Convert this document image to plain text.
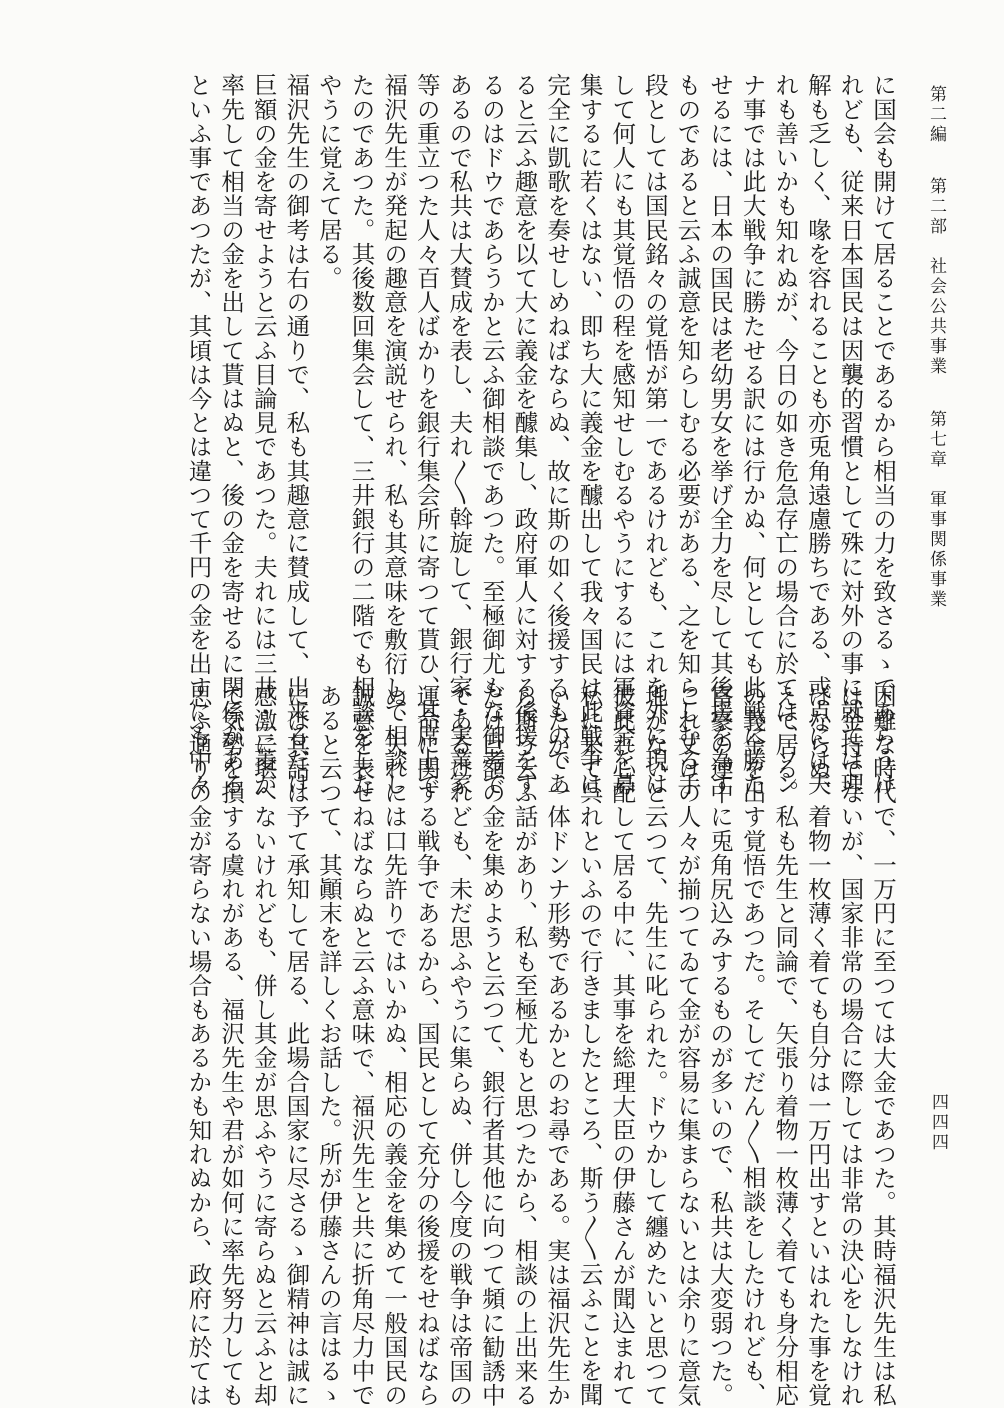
第二編 第二部　社会公共事業 第七章　軍事関係事業
四四四
に国会も開けて居ることであるから相当の力を致さるゝであらうけ
れども、従来日本国民は因襲的習慣として殊に対外の事に就ては理
解も乏しく、喙を容れることも亦兎角遠慮勝ちである、或点には夫
れも善いかも知れぬが、今日の如き危急存亡の場合に於ては、ソン
ナ事では此大戦争に勝たせる訳には行かぬ、何としても此戦に勝た
せるには、日本の国民は老幼男女を挙げ全力を尽して其後援を為す
ものであると云ふ誠意を知らしむる必要がある、之を知らしむる手
段としては国民銘々の覚悟が第一であるけれども、これを外に現は
して何人にも其覚悟の程を感知せしむるやうにするには軍資金を募
集するに若くはない、即ち大に義金を醵出して我々国民は此戦争は
完全に凱歌を奏せしめねばならぬ、故に斯の如く後援するものであ
ると云ふ趣意を以て大に義金を醵集し、政府軍人に対する後援をす
るのはドウであらうかと云ふ御相談であつた。至極御尤もな御考で
あるので私共は大賛成を表し、夫れ〱斡旋して、銀行家・実業家
等の重立つた人々百人ばかりを銀行集会所に寄つて貰ひ、其席上で
福沢先生が発起の趣意を演説せられ、私も其意味を敷衍して相談し
たのであつた。其後数回集会して、三井銀行の二階でも相談をした
やうに覚えて居る。
福沢先生の御考は右の通りで、私も其趣意に賛成して、出来るだけ
巨額の金を寄せようと云ふ目論見であつた。夫れには三井・三菱が
率先して相当の金を出して貰はぬと、後の金を寄せるに関係がある
といふ事であつたが、其頃は今とは違つて千円の金を出すにも中々
困難な時代で、一万円に至つては大金であつた。其時福沢先生は私
は金持でないが、国家非常の場合に際しては非常の決心をしなけれ
ばならぬ、着物一枚薄く着ても自分は一万円出すといはれた事を覚
えて居る。私も先生と同論で、矢張り着物一枚薄く着ても身分相応
の義金を出す覚悟であつた。そしてだん〱相談をしたけれども、
富豪の連中に兎角尻込みするものが多いので、私共は大変弱つた。
これ丈けの人々が揃つてゐて金が容易に集まらないとは余りに意気
地がないと云つて、先生に叱られた。ドウかして纏めたいと思つて
彼此れ心配して居る中に、其事を総理大臣の伊藤さんが聞込まれて
私に来て呉れといふので行きましたところ、斯う〱云ふことを聞
いたが、一体ドンナ形勢であるかとのお尋である。実は福沢先生か
ら斯う云ふ話があり、私も至極尤もと思つたから、相談の上出来る
だけ巨額の金を集めようと云つて、銀行者其他に向つて頻に勧誘中
であるけれども、未だ思ふやうに集らぬ、併し今度の戦争は帝国の
運命に関する戦争であるから、国民として充分の後援をせねばなら
ぬ、夫れには口先許りではいかぬ、相応の義金を集めて一般国民の
誠意を表せねばならぬと云ふ意味で、福沢先生と共に折角尽力中で
あると云つて、其顚末を詳しくお話した。所が伊藤さんの言はるゝ
には其話は予て承知して居る、此場合国家に尽さるゝ御精神は誠に
感激に堪へないけれども、併し其金が思ふやうに寄らぬと云ふと却
て気勢を損する虞れがある、福沢先生や君が如何に率先努力しても
思ふ通りの金が寄らない場合もあるかも知れぬから、政府に於ては
